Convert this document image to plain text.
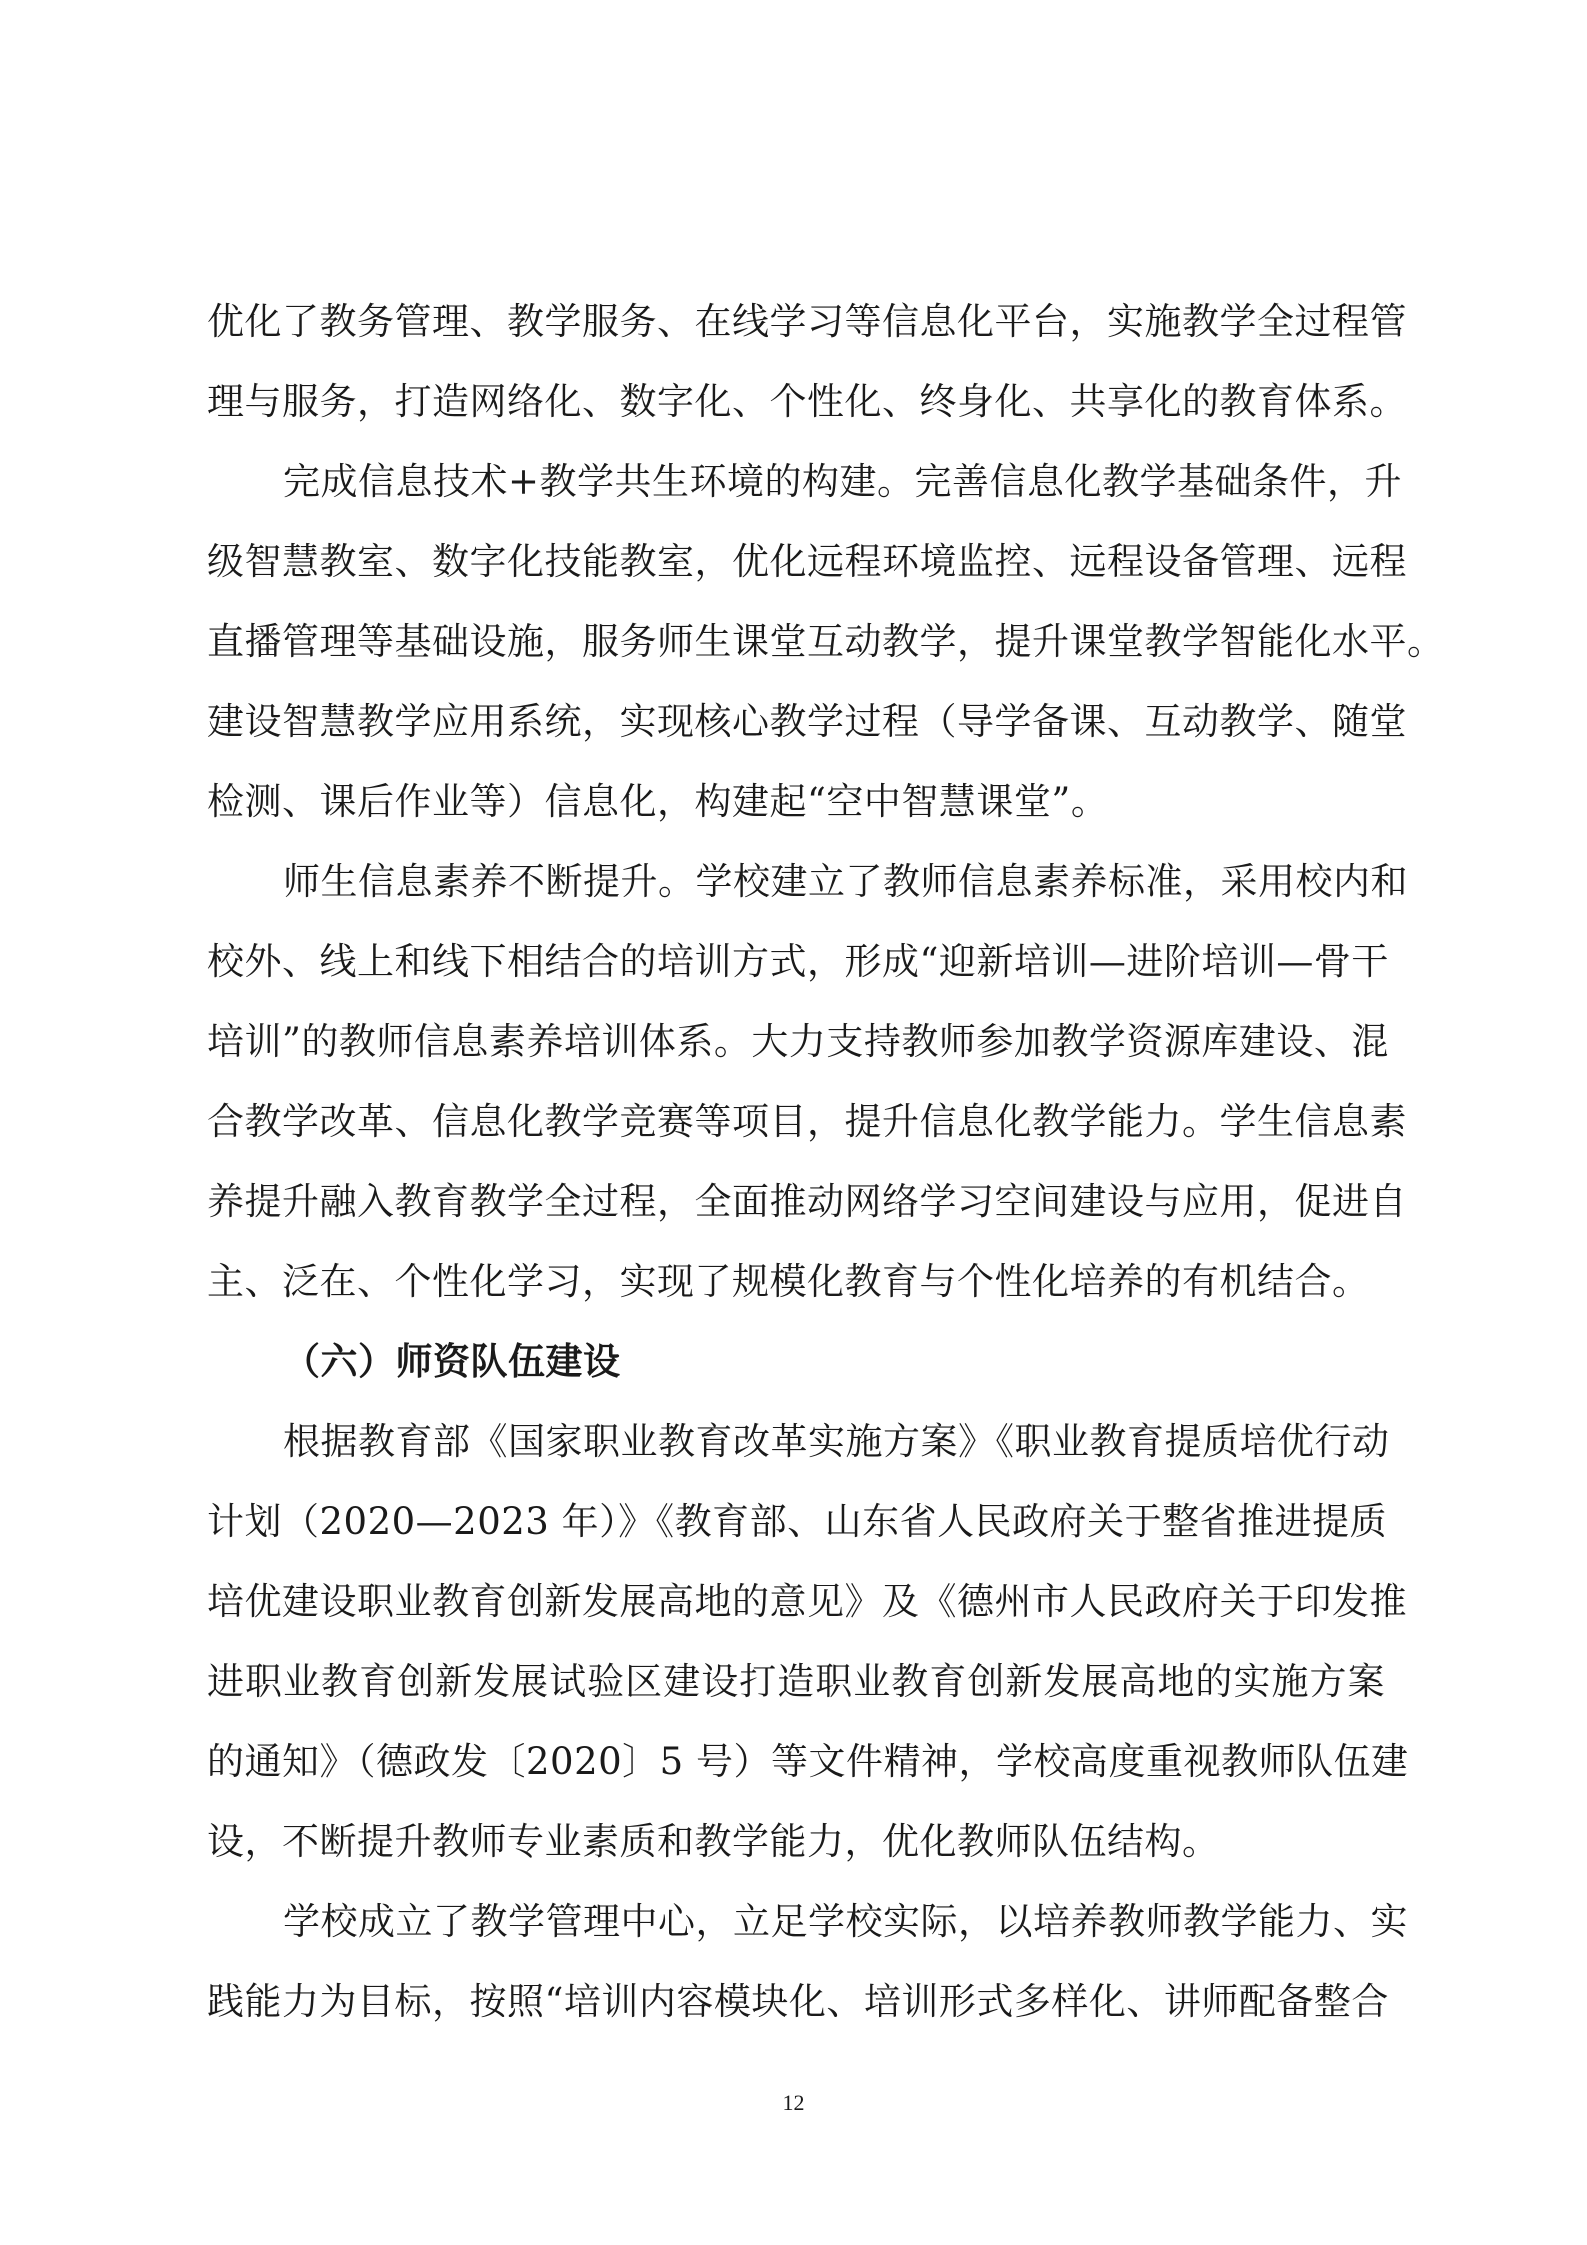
优化了教务管理、教学服务、在线学习等信息化平台，实施教学全过程管
理与服务，打造网络化、数字化、个性化、终身化、共享化的教育体系。
完成信息技术+教学共生环境的构建。完善信息化教学基础条件，升
级智慧教室、数字化技能教室，优化远程环境监控、远程设备管理、远程
直播管理等基础设施，服务师生课堂互动教学，提升课堂教学智能化水平。
建设智慧教学应用系统，实现核心教学过程（导学备课、互动教学、随堂
检测、课后作业等）信息化，构建起“空中智慧课堂”。
师生信息素养不断提升。学校建立了教师信息素养标准，采用校内和
校外、线上和线下相结合的培训方式，形成“迎新培训—进阶培训—骨干
培训”的教师信息素养培训体系。大力支持教师参加教学资源库建设、混
合教学改革、信息化教学竞赛等项目，提升信息化教学能力。学生信息素
养提升融入教育教学全过程，全面推动网络学习空间建设与应用，促进自
主、泛在、个性化学习，实现了规模化教育与个性化培养的有机结合。
（六）师资队伍建设
根据教育部《国家职业教育改革实施方案》《职业教育提质培优行动
计划（2020—2023 年）》《教育部、山东省人民政府关于整省推进提质
培优建设职业教育创新发展高地的意见》及《德州市人民政府关于印发推
进职业教育创新发展试验区建设打造职业教育创新发展高地的实施方案
的通知》（德政发〔2020〕5 号）等文件精神，学校高度重视教师队伍建
设，不断提升教师专业素质和教学能力，优化教师队伍结构。
学校成立了教学管理中心，立足学校实际，以培养教师教学能力、实
践能力为目标，按照“培训内容模块化、培训形式多样化、讲师配备整合
12
